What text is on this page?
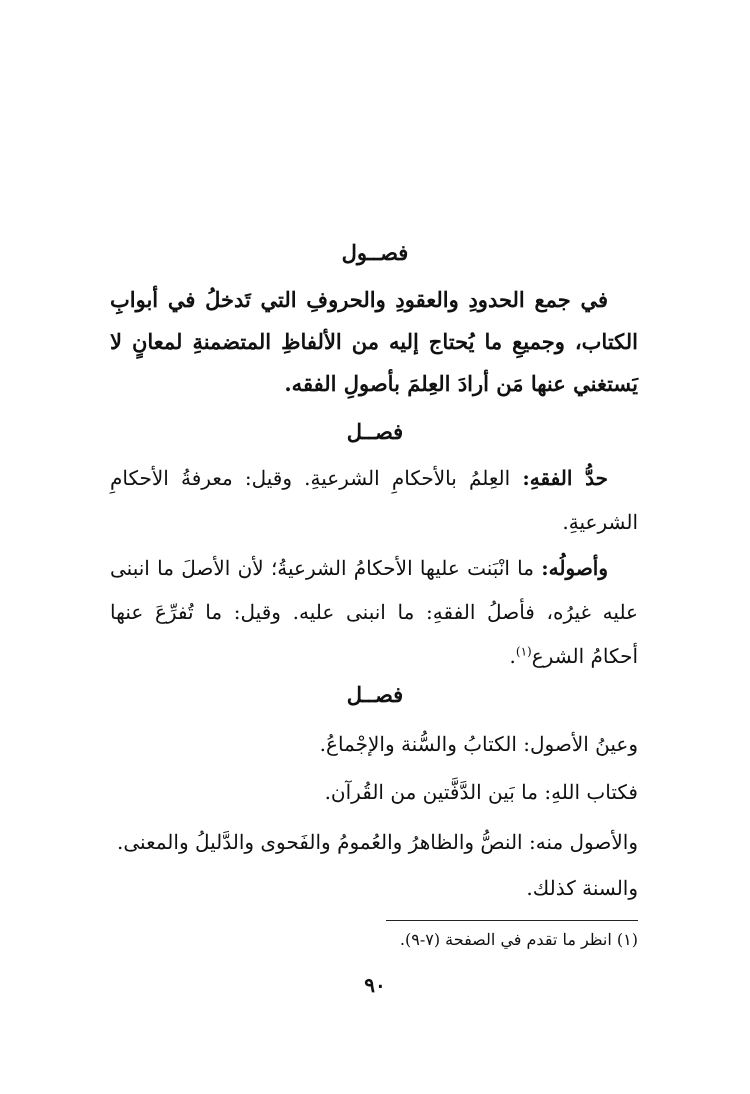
فصــول

في جمع الحدودِ والعقودِ والحروفِ التي تَدخلُ في أبوابِ الكتاب، وجميعِ ما يُحتاج إليه من الألفاظِ المتضمنةِ لمعانٍ لا يَستغني عنها مَن أرادَ العِلمَ بأصولِ الفقه.

فصــل

حدُّ الفقهِ: العِلمُ بالأحكامِ الشرعيةِ. وقيل: معرفةُ الأحكامِ الشرعيةِ.

وأصولُه: ما انْبَنت عليها الأحكامُ الشرعيةُ؛ لأن الأصلَ ما انبنى عليه غيرُه، فأصلُ الفقهِ: ما انبنى عليه. وقيل: ما تُفرِّعَ عنها أحكامُ الشرع$^{(١)}$.

فصــل

وعينُ الأصول: الكتابُ والسُّنة والإجْماعُ.

فكتاب اللهِ: ما بَين الدَّفَّتين من القُرآن.

والأصول منه: النصُّ والظاهرُ والعُمومُ والفَحوى والدَّليلُ والمعنى.

والسنة كذلك.

(١) انظر ما تقدم في الصفحة (٧-٩).

٩٠
